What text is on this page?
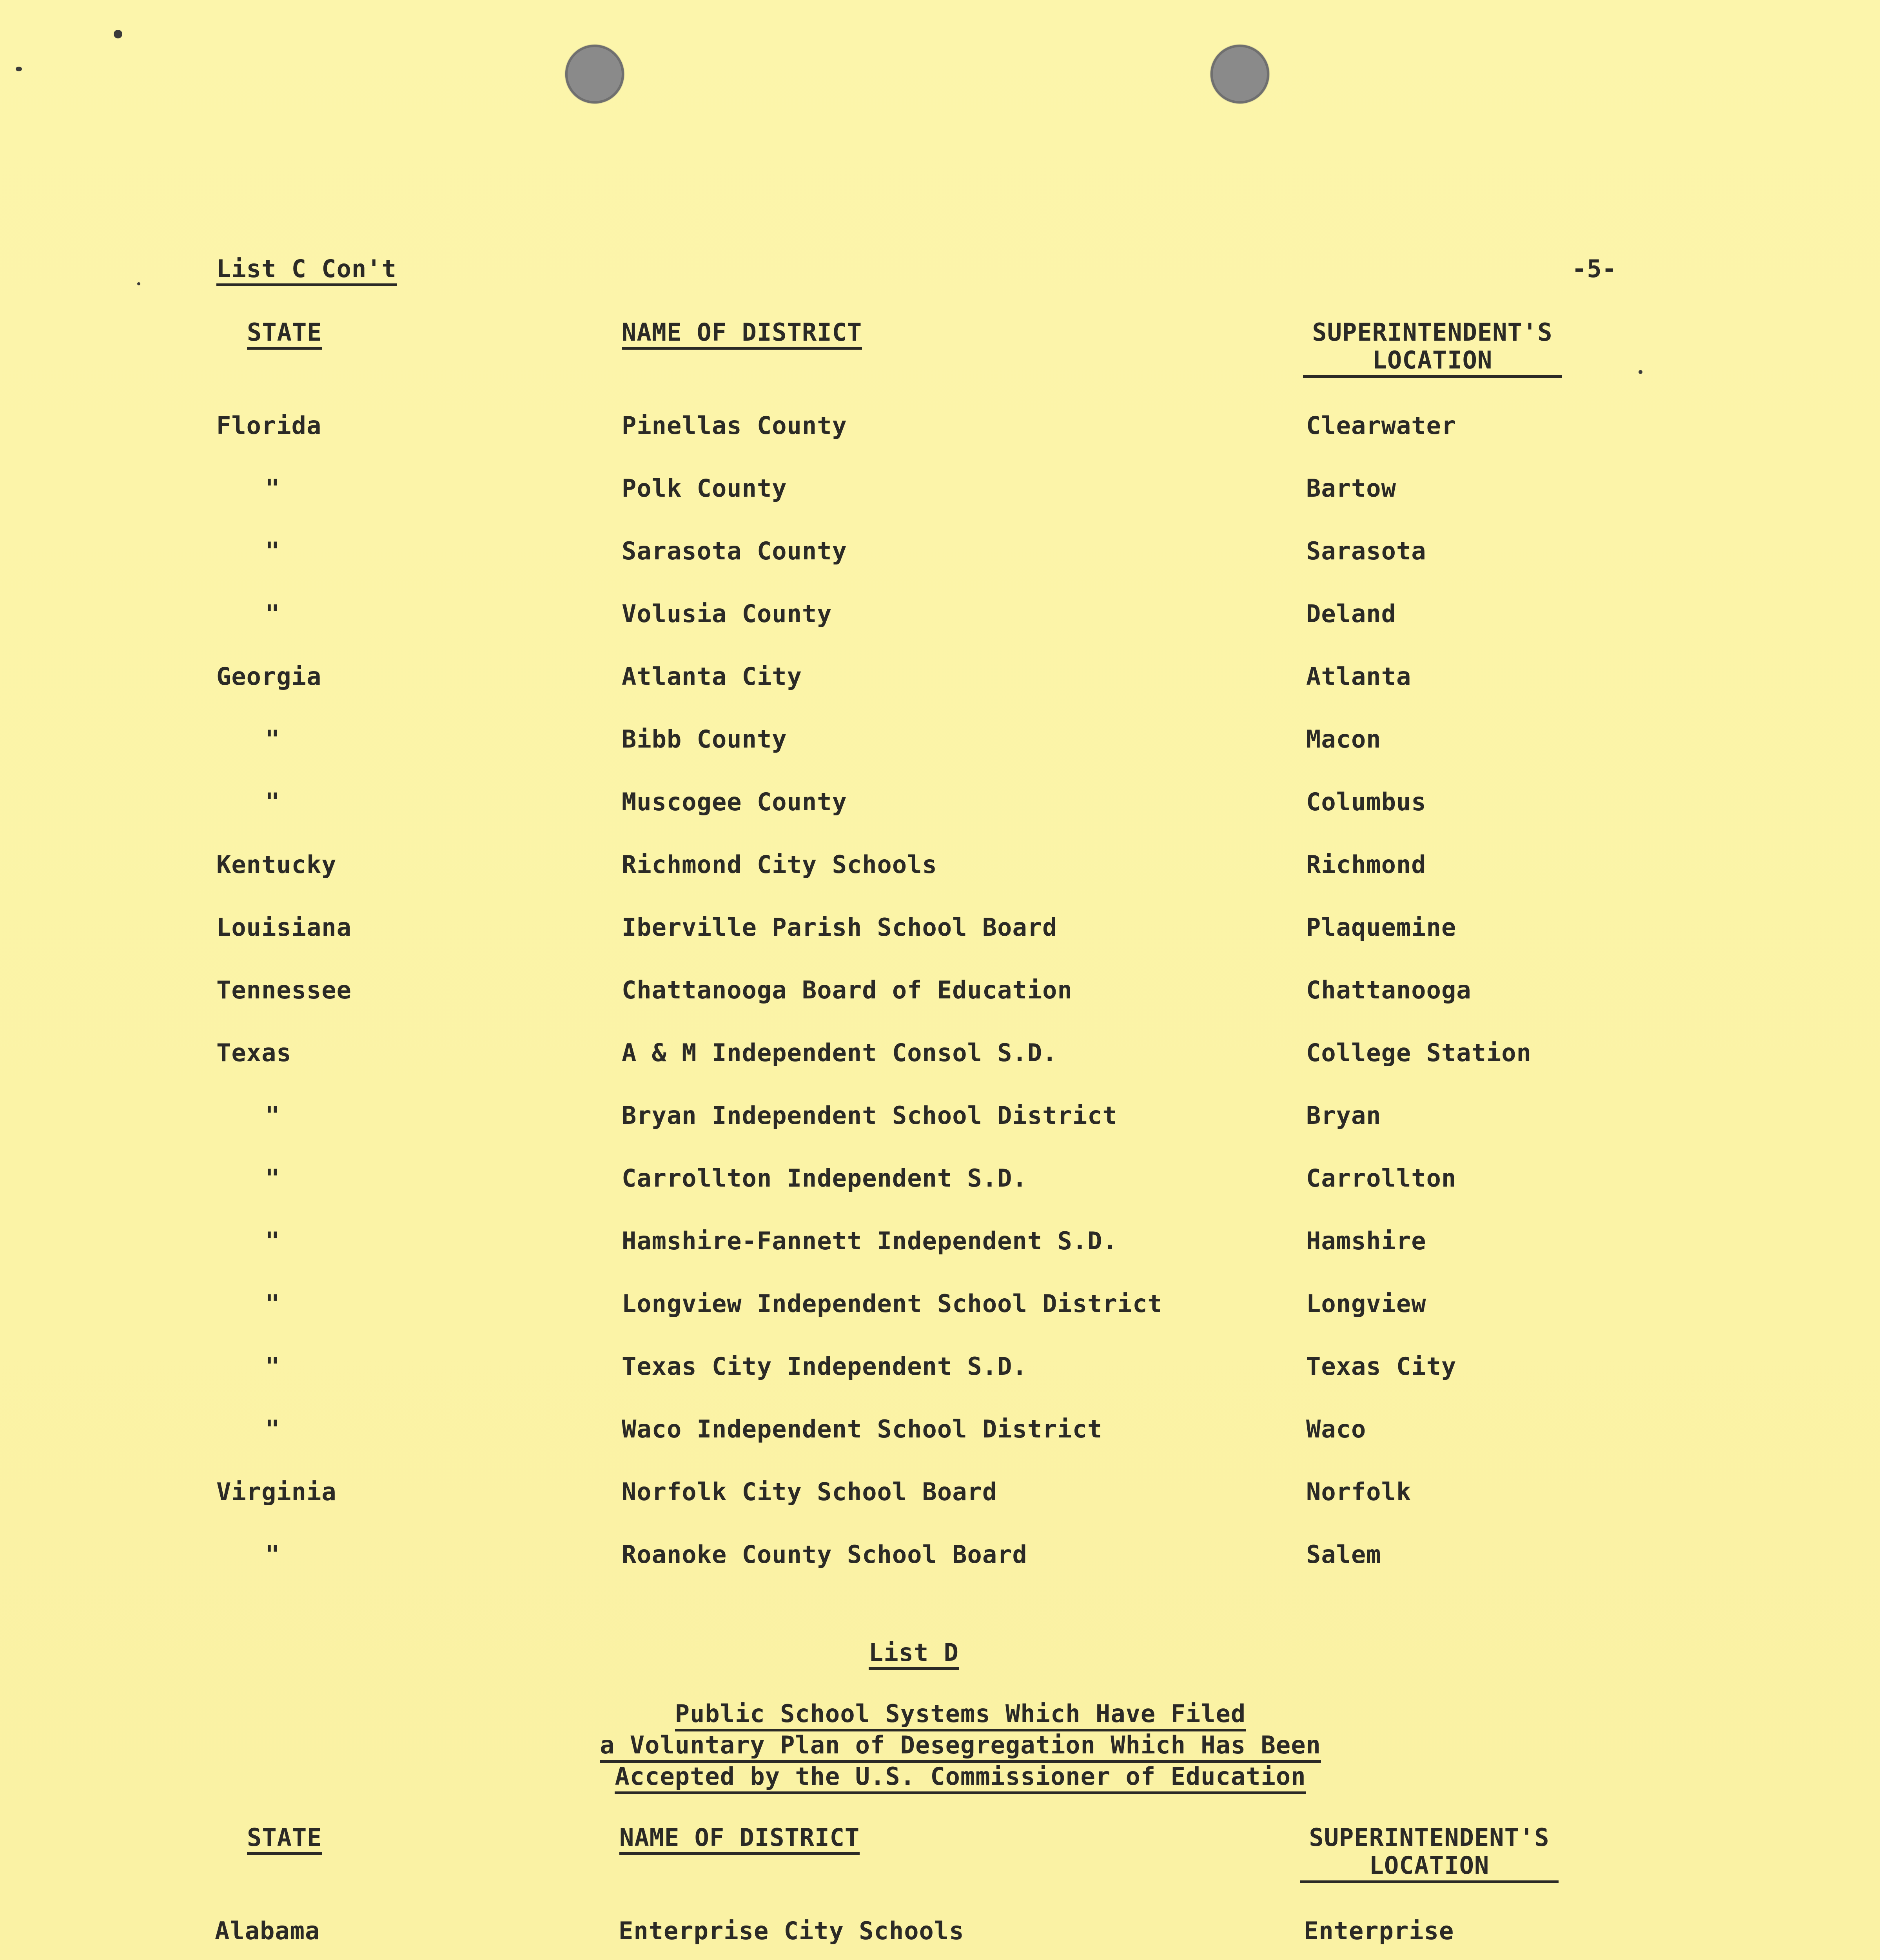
List C Con't	-5-
STATE	NAME OF DISTRICT	SUPERINTENDENT'S
LOCATION
Florida	Pinellas County	Clearwater
"	Polk County	Bartow
"	Sarasota County	Sarasota
"	Volusia County	Deland
Georgia	Atlanta City	Atlanta
"	Bibb County	Macon
"	Muscogee County	Columbus
Kentucky	Richmond City Schools	Richmond
Louisiana	Iberville Parish School Board	Plaquemine
Tennessee	Chattanooga Board of Education	Chattanooga
Texas	A & M Independent Consol S.D.	College Station
"	Bryan Independent School District	Bryan
"	Carrollton Independent S.D.	Carrollton
"	Hamshire-Fannett Independent S.D.	Hamshire
"	Longview Independent School District	Longview
"	Texas City Independent S.D.	Texas City
"	Waco Independent School District	Waco
Virginia	Norfolk City School Board	Norfolk
"	Roanoke County School Board	Salem
List D
Public School Systems Which Have Filed
a Voluntary Plan of Desegregation Which Has Been
Accepted by the U.S. Commissioner of Education
STATE	NAME OF DISTRICT	SUPERINTENDENT'S
LOCATION
Alabama	Enterprise City Schools	Enterprise
